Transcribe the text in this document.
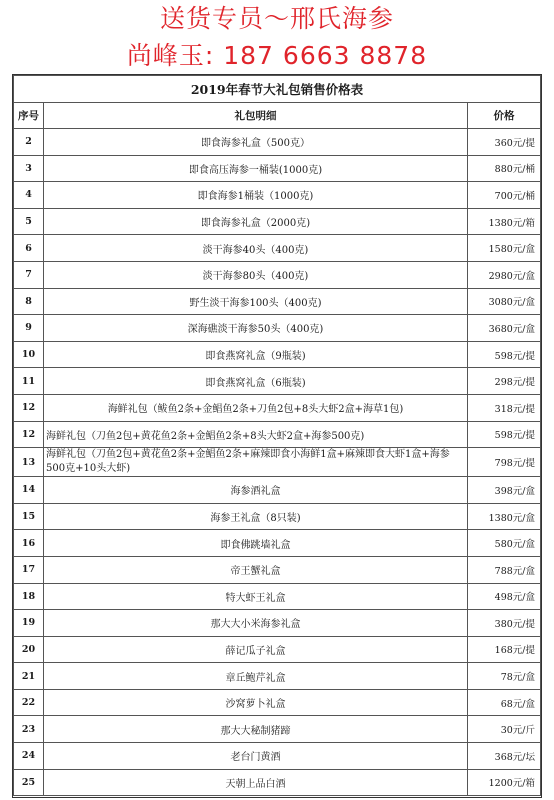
送货专员～邢氏海参
尚峰玉: 187 6663 8878
2019年春节大礼包销售价格表		
序号	礼包明细	价格
2	即食海参礼盒（500克）	360元/提
3	即食高压海参一桶装(1000克)	880元/桶
4	即食海参1桶装（1000克)	700元/桶
5	即食海参礼盒（2000克)	1380元/箱
6	淡干海参40头（400克)	1580元/盒
7	淡干海参80头（400克)	2980元/盒
8	野生淡干海参100头（400克)	3080元/盒
9	深海礁淡干海参50头（400克)	3680元/盒
10	即食燕窝礼盒（9瓶装)	598元/提
11	即食燕窝礼盒（6瓶装)	298元/提
12	海鲜礼包（鲅鱼2条+金鲳鱼2条+刀鱼2包+8头大虾2盒+海草1包)	318元/提
12	海鲜礼包（刀鱼2包+黄花鱼2条+金鲳鱼2条+8头大虾2盒+海参500克)	598元/提
13	海鲜礼包（刀鱼2包+黄花鱼2条+金鲳鱼2条+麻辣即食小海鲜1盒+麻辣即食大虾1盒+海参500克+10头大虾)	798元/提
14	海参酒礼盒	398元/盒
15	海参王礼盒（8只装)	1380元/盒
16	即食佛跳墙礼盒	580元/盒
17	帝王蟹礼盒	788元/盒
18	特大虾王礼盒	498元/盒
19	那大大小米海参礼盒	380元/提
20	薛记瓜子礼盒	168元/提
21	章丘鲍芹礼盒	78元/盒
22	沙窝萝卜礼盒	68元/盒
23	那大大秘制猪蹄	30元/斤
24	老台门黄酒	368元/坛
25	天朝上品白酒	1200元/箱
